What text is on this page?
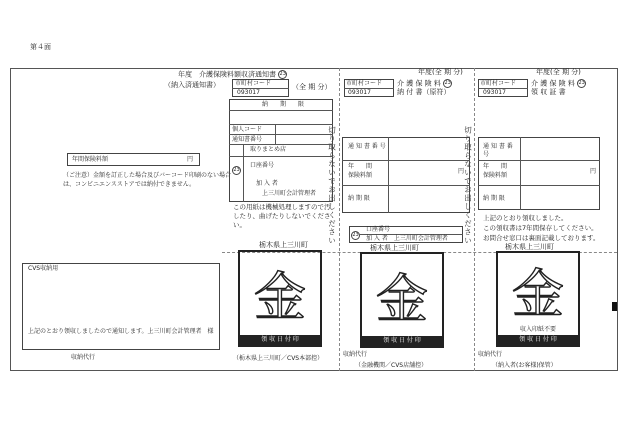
第４面
切り取らないでお出しください	切り取らないでお出しください
年間保険料額	円
（ご注意）金額を訂正した場合及びバーコード印刷のない場合は、コンビニエンスストアでは納付できません。
CVS収納用
上記のとおり領収しましたので通知します。上三川町会計管理者　様
収納代行
年度　介護保険料額収済通知書 23
（納入済通知書）	市町村コード
093017
（全 期 分）
納　　期　　限
個人コード
通知書番号
取りまとめ店
23
口座番号
加 入 者
上三川町会計管理者
この用紙は機械処理しますので汚したり、曲げたりしないでください。
栃木県上三川町
金
領 収 日 付 印
（栃木県上三川町／CVS本部控）
年度(全 期 分)
市町村コード
093017
介 護 保 険 料 23
納 付 書（原符）
通 知 書 番 号
年　　間
保険料額
円
納 期 限
23
口座番号
加 入 者　上三川町会計管理者
栃木県上三川町
金
領 収 日 付 印
収納代行
（金融機関／CVS店舗控）
年度(全 期 分)
市町村コード
093017
介 護 保 険 料 23
領 収 証 書
通 知 書 番 号
年　　間
保険料額
円
納 期 限
上記のとおり領収しました。
この領収書は7年間保存してください。
お問合せ窓口は裏面記載しております。
栃木県上三川町
金
収入印紙不要
領 収 日 付 印
収納代行
（納入者(お客様)保管）
